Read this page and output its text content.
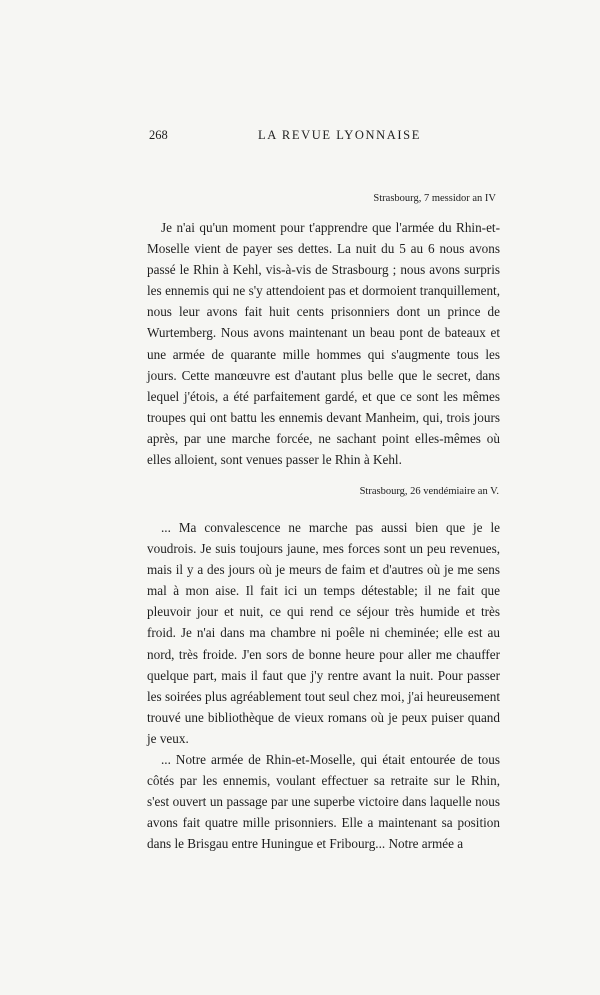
268	LA REVUE LYONNAISE
Strasbourg, 7 messidor an IV

Je n'ai qu'un moment pour t'apprendre que l'armée du Rhin-et-Moselle vient de payer ses dettes. La nuit du 5 au 6 nous avons passé le Rhin à Kehl, vis-à-vis de Strasbourg ; nous avons surpris les ennemis qui ne s'y attendoient pas et dormoient tranquillement, nous leur avons fait huit cents prisonniers dont un prince de Wurtemberg. Nous avons maintenant un beau pont de bateaux et une armée de quarante mille hommes qui s'augmente tous les jours. Cette manœuvre est d'autant plus belle que le secret, dans lequel j'étois, a été parfaitement gardé, et que ce sont les mêmes troupes qui ont battu les ennemis devant Manheim, qui, trois jours après, par une marche forcée, ne sachant point elles-mêmes où elles alloient, sont venues passer le Rhin à Kehl.

Strasbourg, 26 vendémiaire an V.

... Ma convalescence ne marche pas aussi bien que je le voudrois. Je suis toujours jaune, mes forces sont un peu revenues, mais il y a des jours où je meurs de faim et d'autres où je me sens mal à mon aise. Il fait ici un temps détestable; il ne fait que pleuvoir jour et nuit, ce qui rend ce séjour très humide et très froid. Je n'ai dans ma chambre ni poêle ni cheminée; elle est au nord, très froide. J'en sors de bonne heure pour aller me chauffer quelque part, mais il faut que j'y rentre avant la nuit. Pour passer les soirées plus agréablement tout seul chez moi, j'ai heureusement trouvé une bibliothèque de vieux romans où je peux puiser quand je veux.

... Notre armée de Rhin-et-Moselle, qui était entourée de tous côtés par les ennemis, voulant effectuer sa retraite sur le Rhin, s'est ouvert un passage par une superbe victoire dans laquelle nous avons fait quatre mille prisonniers. Elle a maintenant sa position dans le Brisgau entre Huningue et Fribourg... Notre armée a
